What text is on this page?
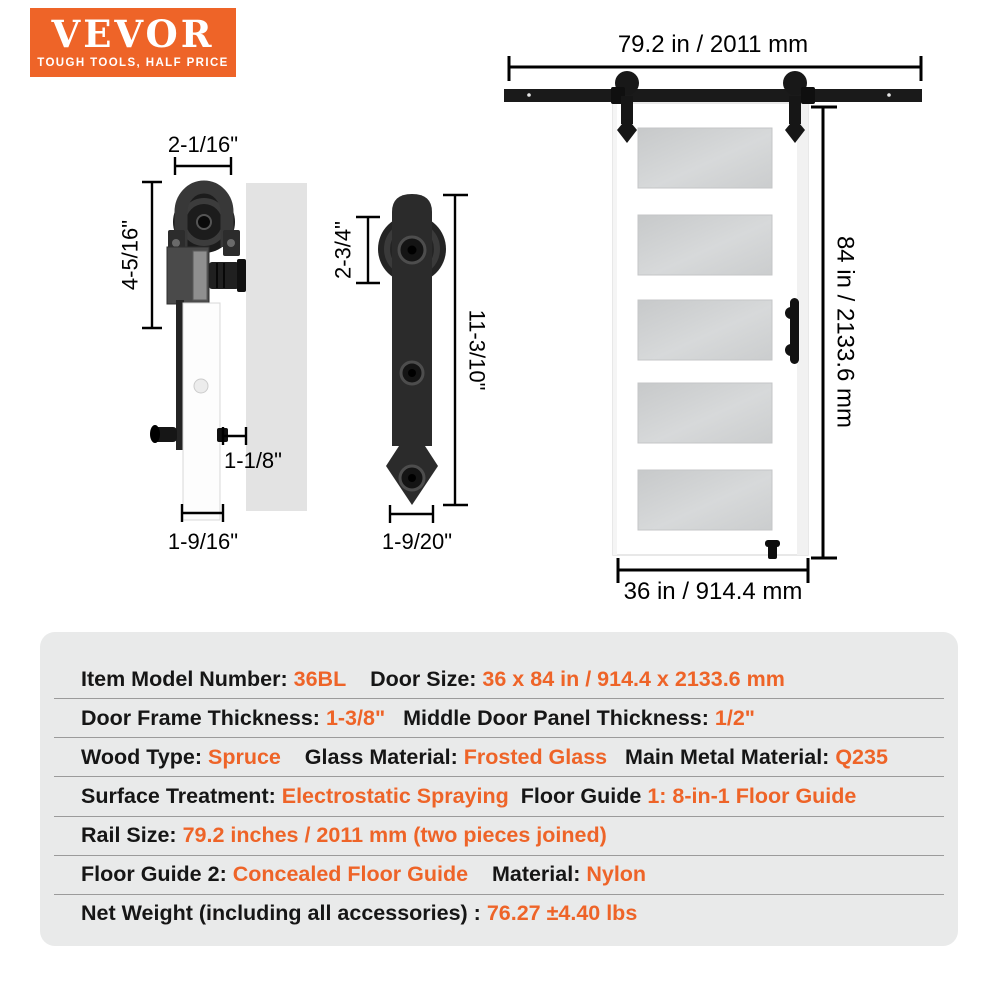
VEVOR
TOUGH TOOLS, HALF PRICE
2-1/16"
4-5/16"
1-1/8"
1-9/16"
2-3/4"
11-3/10"
1-9/20"
79.2 in / 2011 mm
84 in / 2133.6 mm
36 in / 914.4 mm
Item Model Number: 36BL
Door Size: 36 x 84 in / 914.4 x 2133.6 mm
Door Frame Thickness: 1-3/8"
Middle Door Panel Thickness: 1/2"
Wood Type: Spruce
Glass Material: Frosted Glass
Main Metal Material: Q235
Surface Treatment: Electrostatic Spraying
Floor Guide 1: 8-in-1 Floor Guide
Rail Size: 79.2 inches / 2011 mm (two pieces joined)
Floor Guide 2: Concealed Floor Guide
Material: Nylon
Net Weight (including all accessories) : 76.27 ±4.40 lbs
